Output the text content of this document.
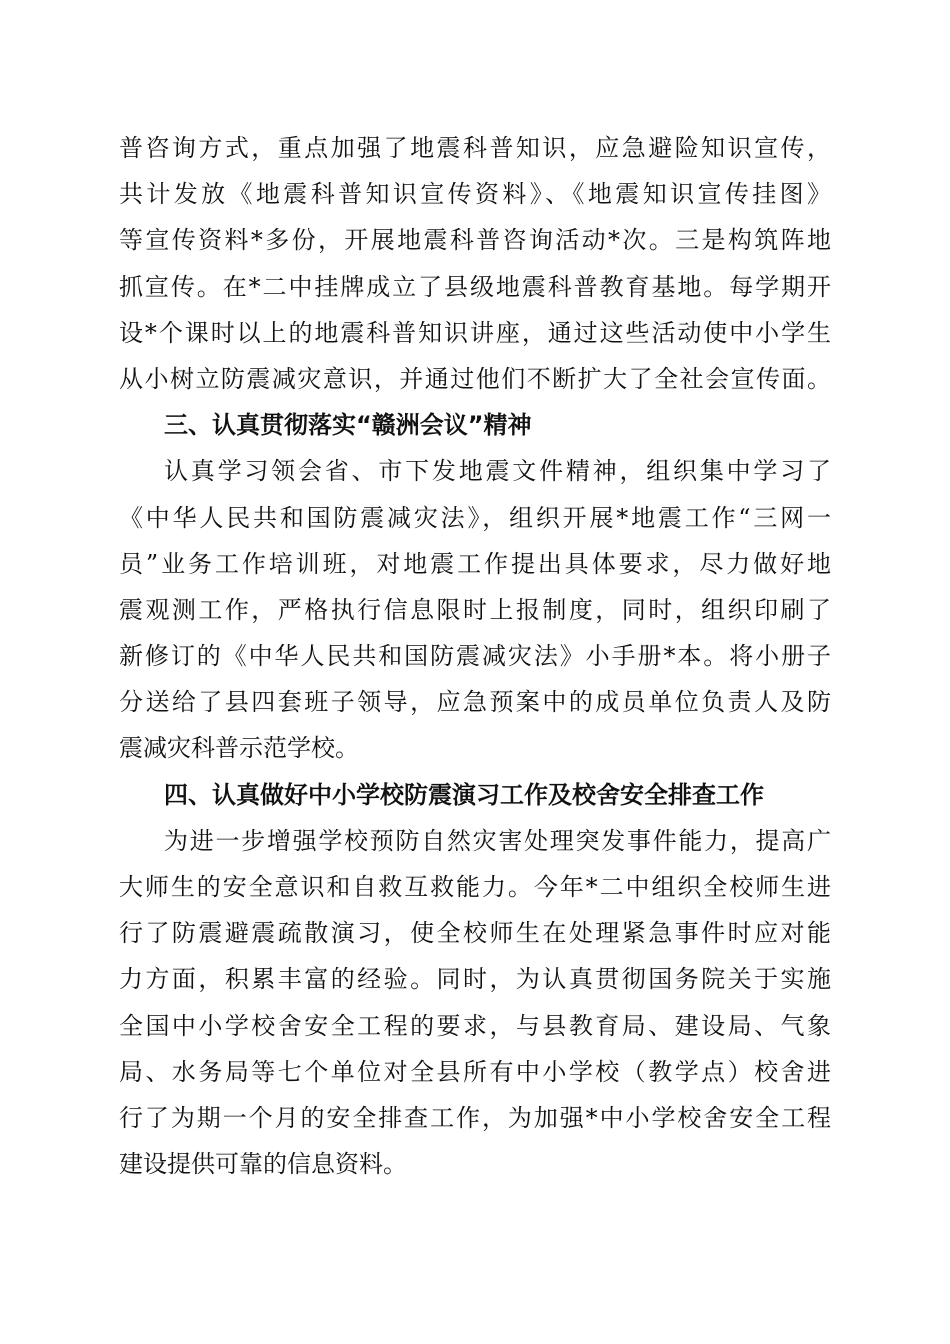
普咨询方式，重点加强了地震科普知识，应急避险知识宣传，
共计发放《地震科普知识宣传资料》、《地震知识宣传挂图》
等宣传资料*多份，开展地震科普咨询活动*次。三是构筑阵地
抓宣传。在*二中挂牌成立了县级地震科普教育基地。每学期开
设*个课时以上的地震科普知识讲座，通过这些活动使中小学生
从小树立防震减灾意识，并通过他们不断扩大了全社会宣传面。
三、认真贯彻落实“赣洲会议”精神
认真学习领会省、市下发地震文件精神，组织集中学习了
《中华人民共和国防震减灾法》，组织开展*地震工作“三网一
员”业务工作培训班，对地震工作提出具体要求，尽力做好地
震观测工作，严格执行信息限时上报制度，同时，组织印刷了
新修订的《中华人民共和国防震减灾法》小手册*本。将小册子
分送给了县四套班子领导，应急预案中的成员单位负责人及防
震减灾科普示范学校。
四、认真做好中小学校防震演习工作及校舍安全排查工作
为进一步增强学校预防自然灾害处理突发事件能力，提高广
大师生的安全意识和自救互救能力。今年*二中组织全校师生进
行了防震避震疏散演习，使全校师生在处理紧急事件时应对能
力方面，积累丰富的经验。同时，为认真贯彻国务院关于实施
全国中小学校舍安全工程的要求，与县教育局、建设局、气象
局、水务局等七个单位对全县所有中小学校（教学点）校舍进
行了为期一个月的安全排查工作，为加强*中小学校舍安全工程
建设提供可靠的信息资料。
